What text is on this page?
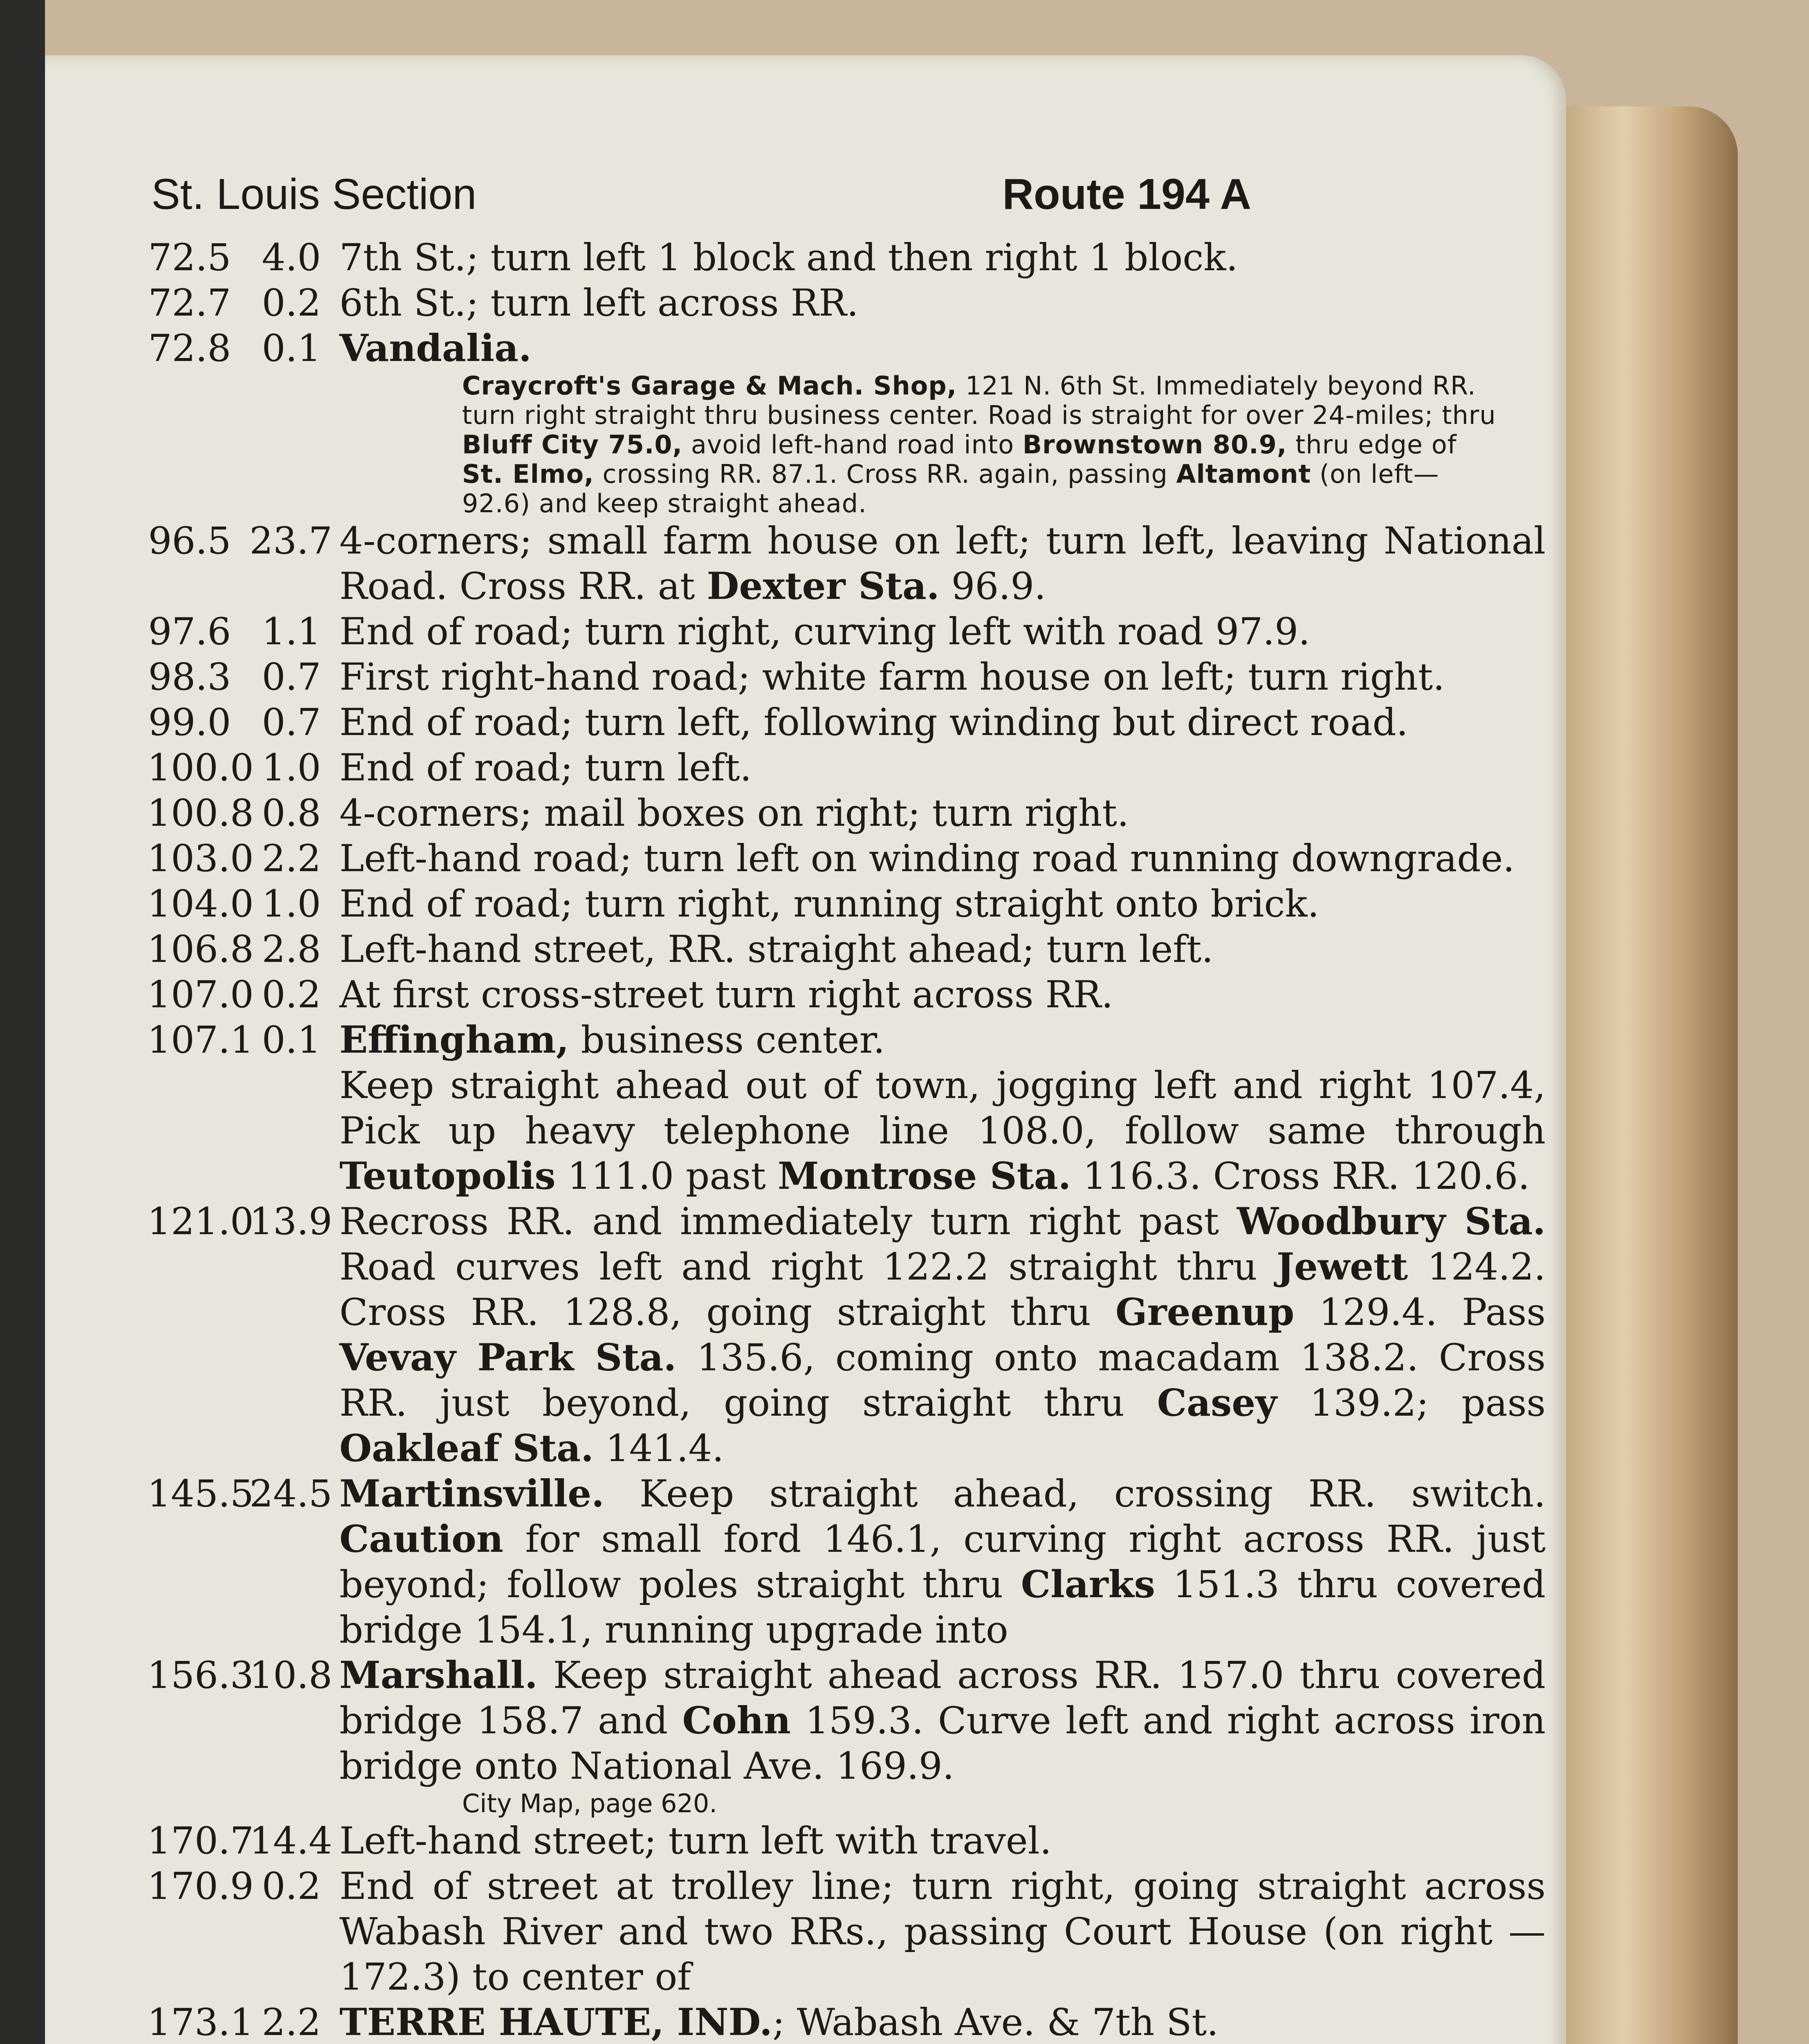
St. Louis Section	Route 194 A
72.5 4.0 7th St.; turn left 1 block and then right 1 block.
72.7 0.2 6th St.; turn left across RR.
72.8 0.1 Vandalia.
Craycroft's Garage & Mach. Shop, 121 N. 6th St. Immediately beyond RR. turn right straight thru business center. Road is straight for over 24-miles; thru Bluff City 75.0, avoid left-hand road into Brownstown 80.9, thru edge of St. Elmo, crossing RR. 87.1. Cross RR. again, passing Altamont (on left—92.6) and keep straight ahead.
96.5 23.7 4-corners; small farm house on left; turn left, leaving National Road. Cross RR. at Dexter Sta. 96.9.
97.6 1.1 End of road; turn right, curving left with road 97.9.
98.3 0.7 First right-hand road; white farm house on left; turn right.
99.0 0.7 End of road; turn left, following winding but direct road.
100.0 1.0 End of road; turn left.
100.8 0.8 4-corners; mail boxes on right; turn right.
103.0 2.2 Left-hand road; turn left on winding road running downgrade.
104.0 1.0 End of road; turn right, running straight onto brick.
106.8 2.8 Left-hand street, RR. straight ahead; turn left.
107.0 0.2 At first cross-street turn right across RR.
107.1 0.1 Effingham, business center.
Keep straight ahead out of town, jogging left and right 107.4, Pick up heavy telephone line 108.0, follow same through Teutopolis 111.0 past Montrose Sta. 116.3. Cross RR. 120.6.
121.0
13.9 Recross RR. and immediately turn right past Woodbury Sta. Road curves left and right 122.2 straight thru Jewett 124.2. Cross RR. 128.8, going straight thru Greenup 129.4. Pass Vevay Park Sta. 135.6, coming onto macadam 138.2. Cross RR. just beyond, going straight thru Casey 139.2; pass Oakleaf Sta. 141.4.
145.5
24.5 Martinsville. Keep straight ahead, crossing RR. switch. Caution for small ford 146.1, curving right across RR. just beyond; follow poles straight thru Clarks 151.3 thru covered bridge 154.1, running upgrade into
156.3
10.8 Marshall. Keep straight ahead across RR. 157.0 thru covered bridge 158.7 and Cohn 159.3. Curve left and right across iron bridge onto National Ave. 169.9.
City Map, page 620.
170.7
14.4 Left-hand street; turn left with travel.
170.9 0.2 End of street at trolley line; turn right, going straight across Wabash River and two RRs., passing Court House (on right —172.3) to center of
173.1 2.2 TERRE HAUTE, IND.; Wabash Ave. & 7th St.
